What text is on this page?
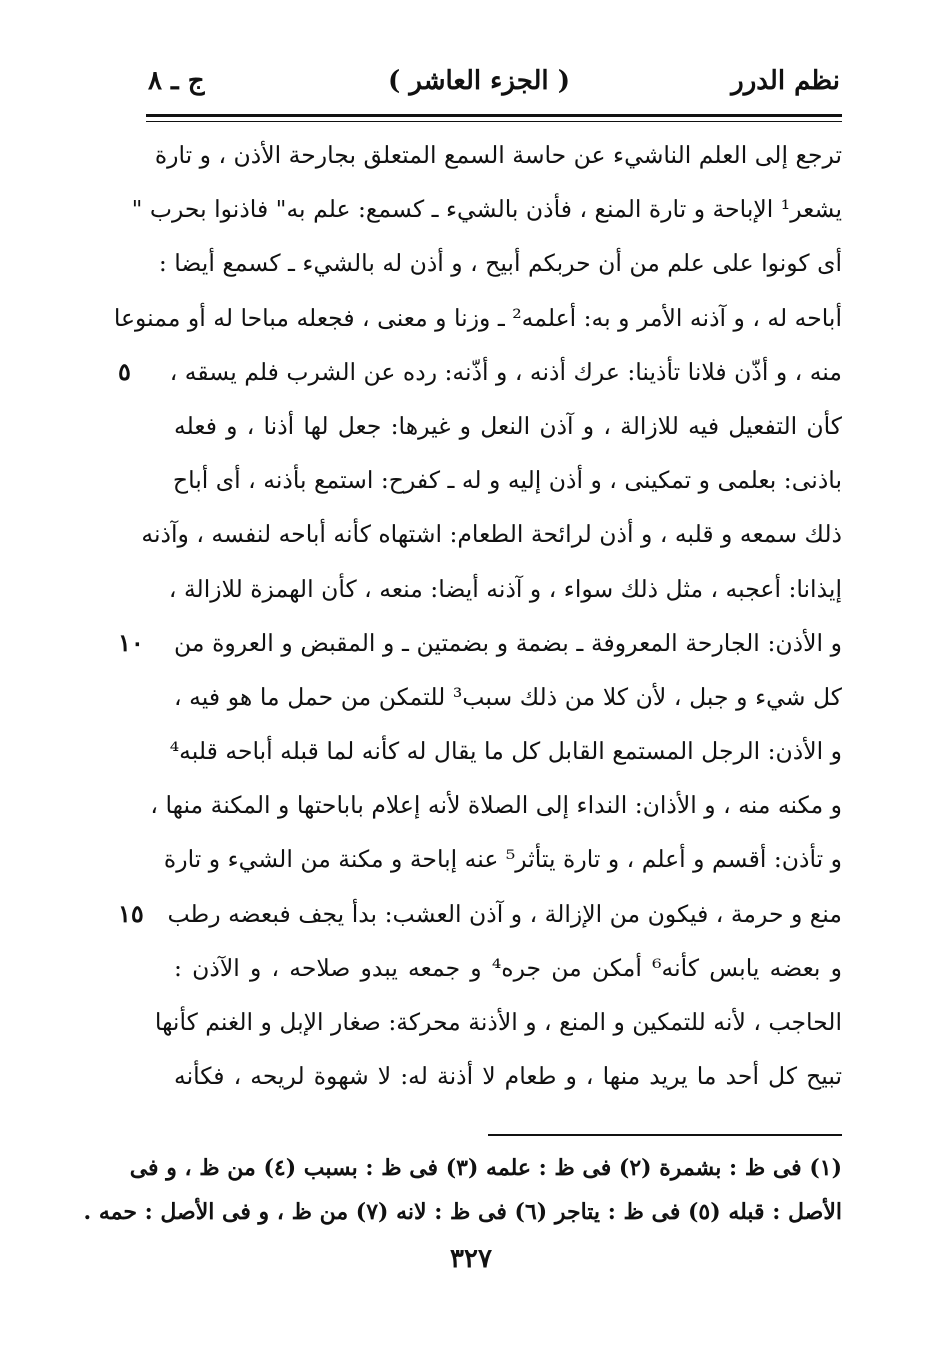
نظم الدرر
( الجزء العاشر )
ج ـ ٨
ترجع إلى العلم الناشيء عن حاسة السمع المتعلق بجارحة الأذن ، و تارة
يشعر¹ الإباحة و تارة المنع ، فأذن بالشيء ـ كسمع: علم به" فاذنوا بحرب "
أى كونوا على علم من أن حربكم أبيح ، و أذن له بالشيء ـ كسمع أيضا :
أباحه له ، و آذنه الأمر و به: أعلمه² ـ وزنا و معنى ، فجعله مباحا له أو ممنوعا
منه ، و أذّن فلانا تأذينا: عرك أذنه ، و أذّنه: رده عن الشرب فلم يسقه ،
كأن التفعيل فيه للازالة ، و آذن النعل و غيرها: جعل لها أذنا ، و فعله
باذنى: بعلمى و تمكينى ، و أذن إليه و له ـ كفرح: استمع بأذنه ، أى أباح
ذلك سمعه و قلبه ، و أذن لرائحة الطعام: اشتهاه كأنه أباحه لنفسه ، وآذنه
إيذانا: أعجبه ، مثل ذلك سواء ، و آذنه أيضا: منعه ، كأن الهمزة للازالة ،
و الأذن: الجارحة المعروفة ـ بضمة و بضمتين ـ و المقبض و العروة من
كل شيء و جبل ، لأن كلا من ذلك سبب³ للتمكن من حمل ما هو فيه ،
و الأذن: الرجل المستمع القابل كل ما يقال له كأنه لما قبله أباحه قلبه⁴
و مكنه منه ، و الأذان: النداء إلى الصلاة لأنه إعلام باباحتها و المكنة منها ،
و تأذن: أقسم و أعلم ، و تارة يتأثر⁵ عنه إباحة و مكنة من الشيء و تارة
منع و حرمة ، فيكون من الإزالة ، و آذن العشب: بدأ يجف فبعضه رطب
و بعضه يابس كأنه⁶ أمكن من جره⁴ و جمعه يبدو صلاحه ، و الآذن :
الحاجب ، لأنه للتمكين و المنع ، و الأذنة محركة: صغار الإبل و الغنم كأنها
تبيح كل أحد ما يريد منها ، و طعام لا أذنة له: لا شهوة لريحه ، فكأنه
٥
١٠
١٥
(١) فى ظ : بشمرة (٢) فى ظ : علمه (٣) فى ظ : بسبب (٤) من ظ ، و فى
الأصل : قبله (٥) فى ظ : يتاجر (٦) فى ظ : لانه (٧) من ظ ، و فى الأصل : حمه .
٣٢٧
